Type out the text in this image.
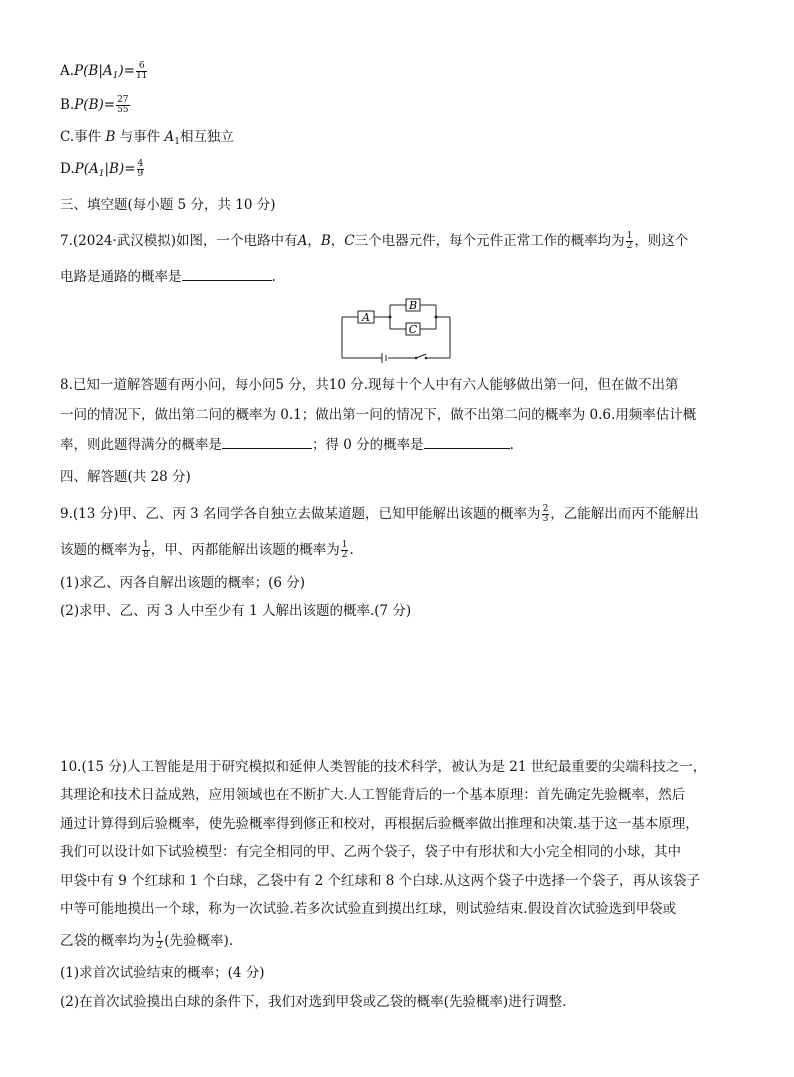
$A.P(B|A_1)= \frac{6}{11}$
$B.P(B)= \frac{27}{55}$
C.事件 B 与事件 $A_1$相互独立
$D.P(A_1|B)= \frac{4}{9}$
三、填空题(每小题 5 分，共 10 分)
7.(2024·武汉模拟)如图，一个电路中有A，B，C三个电器元件，每个元件正常工作的概率均为 $\frac{1}{2}$ ，则这个
电路是通路的概率是	.
A
B
C
8.已知一道解答题有两小问，每小问5 分，共10 分.现每十个人中有六人能够做出第一问，但在做不出第
一问的情况下，做出第二问的概率为 0.1；做出第一问的情况下，做不出第二问的概率为 0.6.用频率估计概
率，则此题得满分的概率是	；得 0 分的概率是	.
四、解答题(共 28 分)
9.(13 分)甲、乙、丙 3 名同学各自独立去做某道题，已知甲能解出该题的概率为 $\frac{2}{3}$ ，乙能解出而丙不能解出
该题的概率为 $\frac{1}{8}$ ，甲、丙都能解出该题的概率为 $\frac{1}{2}$ .
(1)求乙、丙各自解出该题的概率；(6 分)
(2)求甲、乙、丙 3 人中至少有 1 人解出该题的概率.(7 分)
10.(15 分)人工智能是用于研究模拟和延伸人类智能的技术科学，被认为是 21 世纪最重要的尖端科技之一，
其理论和技术日益成熟，应用领域也在不断扩大.人工智能背后的一个基本原理：首先确定先验概率，然后
通过计算得到后验概率，使先验概率得到修正和校对，再根据后验概率做出推理和决策.基于这一基本原理，
我们可以设计如下试验模型：有完全相同的甲、乙两个袋子，袋子中有形状和大小完全相同的小球，其中
甲袋中有 9 个红球和 1 个白球，乙袋中有 2 个红球和 8 个白球.从这两个袋子中选择一个袋子，再从该袋子
中等可能地摸出一个球，称为一次试验.若多次试验直到摸出红球，则试验结束.假设首次试验选到甲袋或
乙袋的概率均为 $\frac{1}{2}$ (先验概率).
(1)求首次试验结束的概率；(4 分)
(2)在首次试验摸出白球的条件下，我们对选到甲袋或乙袋的概率(先验概率)进行调整.
